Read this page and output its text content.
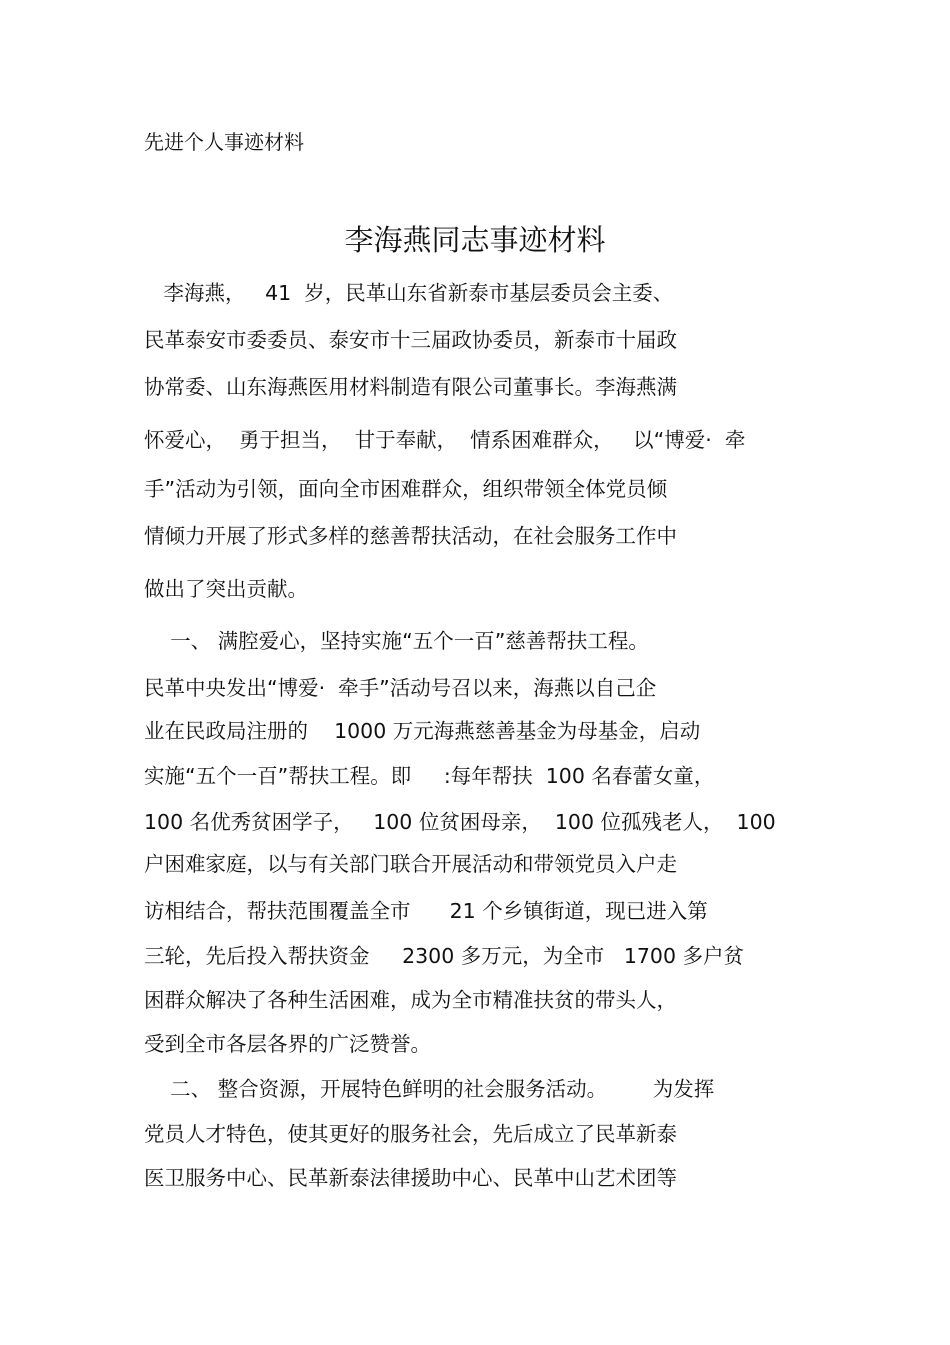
先进个人事迹材料
李海燕同志事迹材料
李海燕，   41  岁，民革山东省新泰市基层委员会主委、
民革泰安市委委员、泰安市十三届政协委员，新泰市十届政
协常委、山东海燕医用材料制造有限公司董事长。李海燕满
怀爱心，  勇于担当，  甘于奉献，  情系困难群众，   以“博爱·  牵
手”活动为引领，面向全市困难群众，组织带领全体党员倾
情倾力开展了形式多样的慈善帮扶活动，在社会服务工作中
做出了突出贡献。
一、 满腔爱心，坚持实施“五个一百”慈善帮扶工程。
民革中央发出“博爱·  牵手”活动号召以来，海燕以自己企
业在民政局注册的    1000 万元海燕慈善基金为母基金，启动
实施“五个一百”帮扶工程。即     :每年帮扶  100 名春蕾女童，
100 名优秀贫困学子，   100 位贫困母亲，  100 位孤残老人，  100
户困难家庭，以与有关部门联合开展活动和带领党员入户走
访相结合，帮扶范围覆盖全市      21 个乡镇街道，现已进入第
三轮，先后投入帮扶资金     2300 多万元，为全市   1700 多户贫
困群众解决了各种生活困难，成为全市精准扶贫的带头人，
受到全市各层各界的广泛赞誉。
二、 整合资源，开展特色鲜明的社会服务活动。       为发挥
党员人才特色，使其更好的服务社会，先后成立了民革新泰
医卫服务中心、民革新泰法律援助中心、民革中山艺术团等
